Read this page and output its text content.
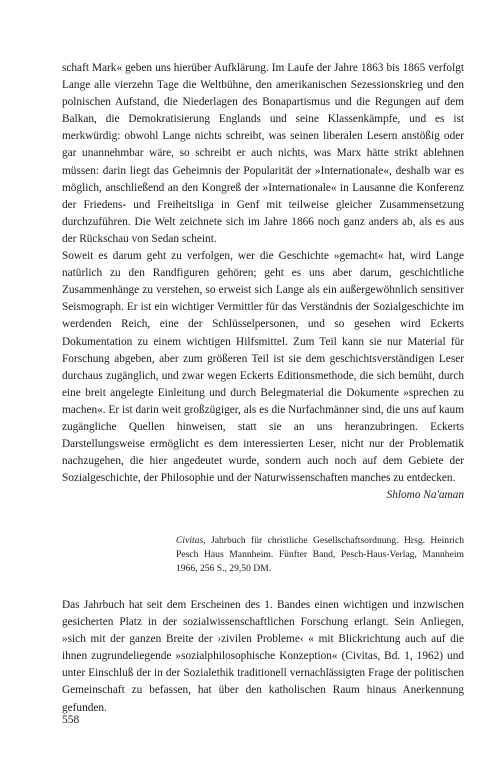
schaft Mark« geben uns hierüber Aufklärung. Im Laufe der Jahre 1863 bis 1865 verfolgt Lange alle vierzehn Tage die Weltbühne, den amerikanischen Sezessionskrieg und den polnischen Aufstand, die Niederlagen des Bonapartismus und die Regungen auf dem Balkan, die Demokratisierung Englands und seine Klassenkämpfe, und es ist merkwürdig: obwohl Lange nichts schreibt, was seinen liberalen Lesern anstößig oder gar unannehmbar wäre, so schreibt er auch nichts, was Marx hätte strikt ablehnen müssen: darin liegt das Geheimnis der Popularität der »Internationale«, deshalb war es möglich, anschließend an den Kongreß der »Internationale« in Lausanne die Konferenz der Friedens- und Freiheitsliga in Genf mit teilweise gleicher Zusammensetzung durchzuführen. Die Welt zeichnete sich im Jahre 1866 noch ganz anders ab, als es aus der Rückschau von Sedan scheint.

Soweit es darum geht zu verfolgen, wer die Geschichte »gemacht« hat, wird Lange natürlich zu den Randfiguren gehören; geht es uns aber darum, geschichtliche Zusammenhänge zu verstehen, so erweist sich Lange als ein außergewöhnlich sensitiver Seismograph. Er ist ein wichtiger Vermittler für das Verständnis der Sozialgeschichte im werdenden Reich, eine der Schlüsselpersonen, und so gesehen wird Eckerts Dokumentation zu einem wichtigen Hilfsmittel. Zum Teil kann sie nur Material für Forschung abgeben, aber zum größeren Teil ist sie dem geschichtsverständigen Leser durchaus zugänglich, und zwar wegen Eckerts Editionsmethode, die sich bemüht, durch eine breit angelegte Einleitung und durch Belegmaterial die Dokumente »sprechen zu machen«. Er ist darin weit großzügiger, als es die Nurfachmänner sind, die uns auf kaum zugängliche Quellen hinweisen, statt sie an uns heranzubringen. Eckerts Darstellungsweise ermöglicht es dem interessierten Leser, nicht nur der Problematik nachzugehen, die hier angedeutet wurde, sondern auch noch auf dem Gebiete der Sozialgeschichte, der Philosophie und der Naturwissenschaften manches zu entdecken.

Shlomo Na'aman

Civitas, Jahrbuch für christliche Gesellschaftsordnung. Hrsg. Heinrich Pesch Haus Mannheim. Fünfter Band, Pesch-Haus-Verlag, Mannheim 1966, 256 S., 29,50 DM.

Das Jahrbuch hat seit dem Erscheinen des 1. Bandes einen wichtigen und inzwischen gesicherten Platz in der sozialwissenschaftlichen Forschung erlangt. Sein Anliegen, »sich mit der ganzen Breite der ›zivilen Probleme‹ « mit Blickrichtung auch auf die ihnen zugrundeliegende »sozialphilosophische Konzeption« (Civitas, Bd. 1, 1962) und unter Einschluß der in der Sozialethik traditionell vernachlässigten Frage der politischen Gemeinschaft zu befassen, hat über den katholischen Raum hinaus Anerkennung gefunden.

558
